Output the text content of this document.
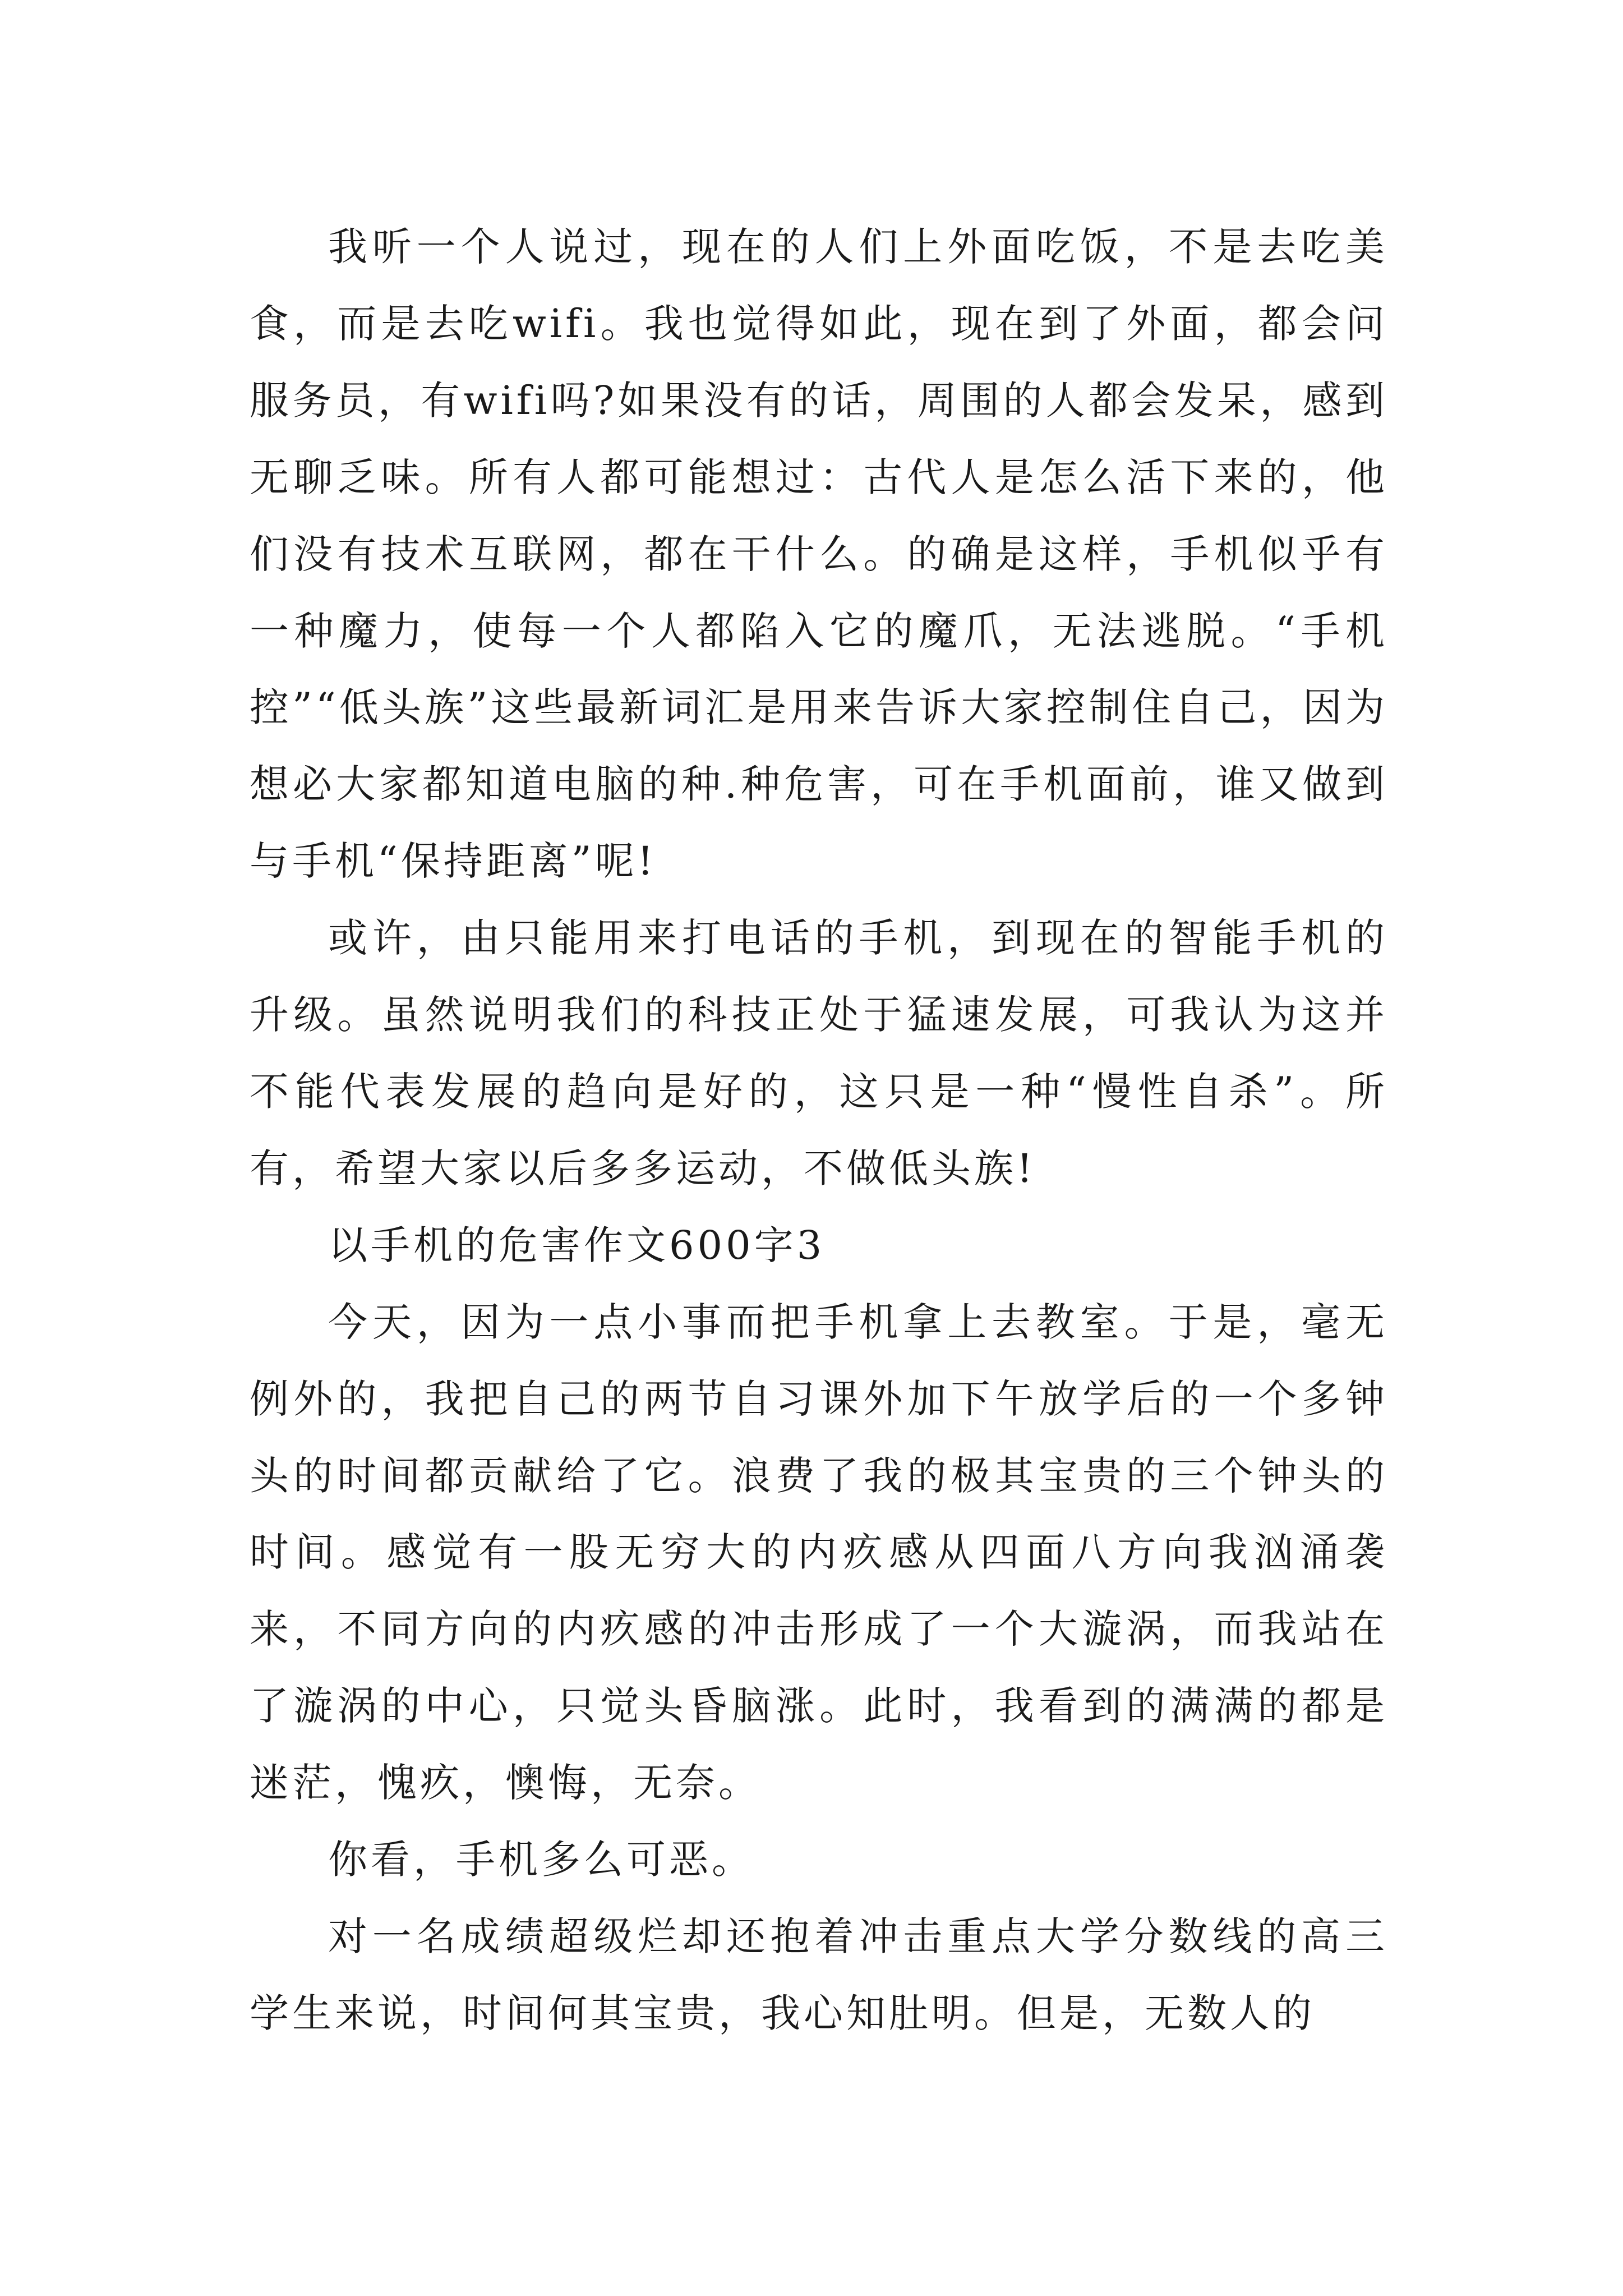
我听一个人说过，现在的人们上外面吃饭，不是去吃美食，而是去吃wifi。我也觉得如此，现在到了外面，都会问服务员，有wifi吗?如果没有的话，周围的人都会发呆，感到无聊乏味。所有人都可能想过：古代人是怎么活下来的，他们没有技术互联网，都在干什么。的确是这样，手机似乎有一种魔力，使每一个人都陷入它的魔爪，无法逃脱。“手机控”“低头族”这些最新词汇是用来告诉大家控制住自己，因为想必大家都知道电脑的种.种危害，可在手机面前，谁又做到与手机“保持距离”呢!

或许，由只能用来打电话的手机，到现在的智能手机的升级。虽然说明我们的科技正处于猛速发展，可我认为这并不能代表发展的趋向是好的，这只是一种“慢性自杀”。所有，希望大家以后多多运动，不做低头族!

以手机的危害作文600字3

今天，因为一点小事而把手机拿上去教室。于是，毫无例外的，我把自己的两节自习课外加下午放学后的一个多钟头的时间都贡献给了它。浪费了我的极其宝贵的三个钟头的时间。感觉有一股无穷大的内疚感从四面八方向我汹涌袭来，不同方向的内疚感的冲击形成了一个大漩涡，而我站在了漩涡的中心，只觉头昏脑涨。此时，我看到的满满的都是迷茫，愧疚，懊悔，无奈。

你看，手机多么可恶。

对一名成绩超级烂却还抱着冲击重点大学分数线的高三学生来说，时间何其宝贵，我心知肚明。但是，无数人的
